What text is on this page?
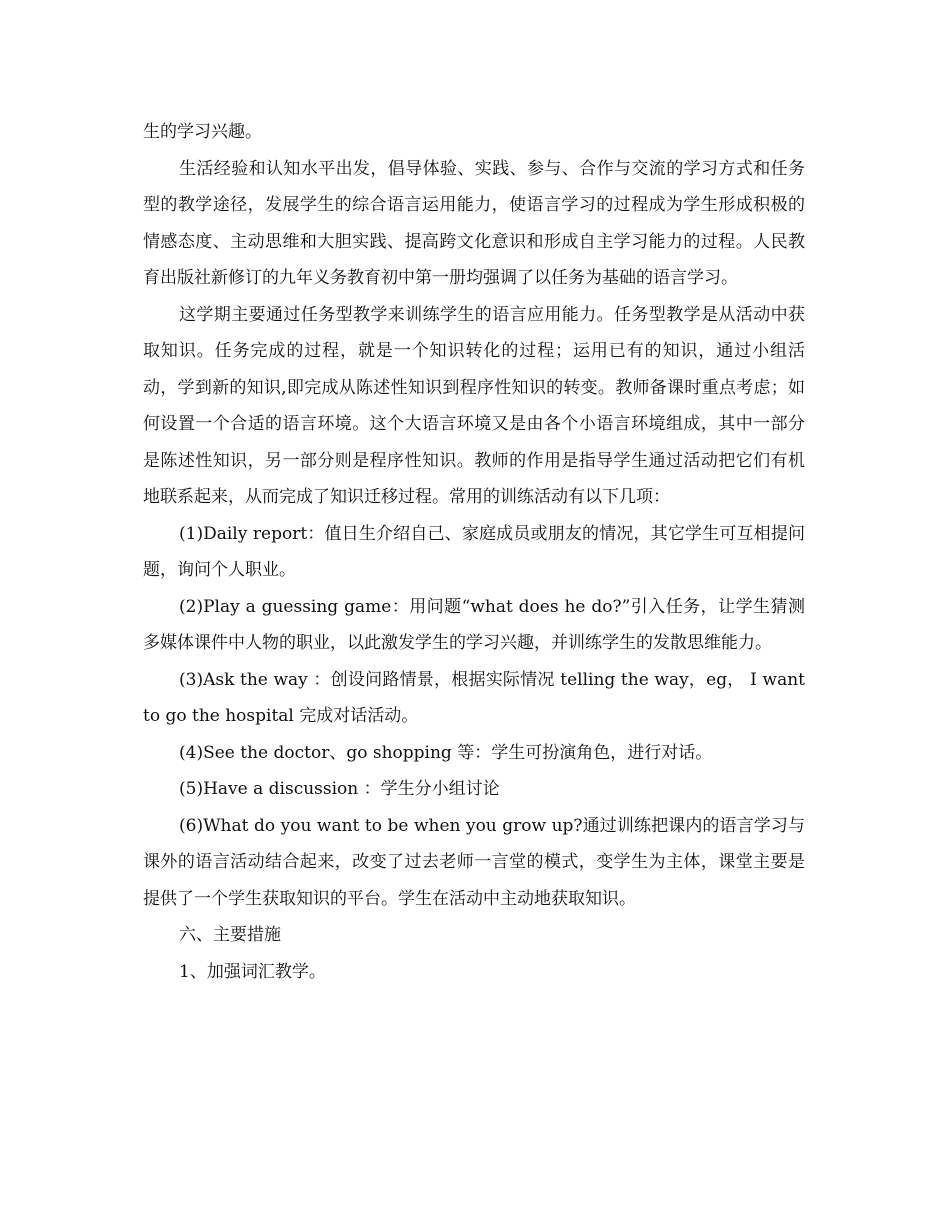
生的学习兴趣。

生活经验和认知水平出发，倡导体验、实践、参与、合作与交流的学习方式和任务型的教学途径，发展学生的综合语言运用能力，使语言学习的过程成为学生形成积极的情感态度、主动思维和大胆实践、提高跨文化意识和形成自主学习能力的过程。人民教育出版社新修订的九年义务教育初中第一册均强调了以任务为基础的语言学习。

这学期主要通过任务型教学来训练学生的语言应用能力。任务型教学是从活动中获取知识。任务完成的过程，就是一个知识转化的过程；运用已有的知识，通过小组活动，学到新的知识,即完成从陈述性知识到程序性知识的转变。教师备课时重点考虑；如何设置一个合适的语言环境。这个大语言环境又是由各个小语言环境组成，其中一部分是陈述性知识，另一部分则是程序性知识。教师的作用是指导学生通过活动把它们有机地联系起来，从而完成了知识迁移过程。常用的训练活动有以下几项：

(1)Daily report：值日生介绍自己、家庭成员或朋友的情况，其它学生可互相提问题，询问个人职业。

(2)Play a guessing game：用问题“what does he do?”引入任务，让学生猜测多媒体课件中人物的职业，以此激发学生的学习兴趣，并训练学生的发散思维能力。

(3)Ask the way ：创设问路情景，根据实际情况 telling the way，eg， I want to go the hospital 完成对话活动。

(4)See the doctor、go shopping 等：学生可扮演角色，进行对话。

(5)Have a discussion ：学生分小组讨论

(6)What do you want to be when you grow up?通过训练把课内的语言学习与课外的语言活动结合起来，改变了过去老师一言堂的模式，变学生为主体，课堂主要是提供了一个学生获取知识的平台。学生在活动中主动地获取知识。

六、主要措施

1、加强词汇教学。
